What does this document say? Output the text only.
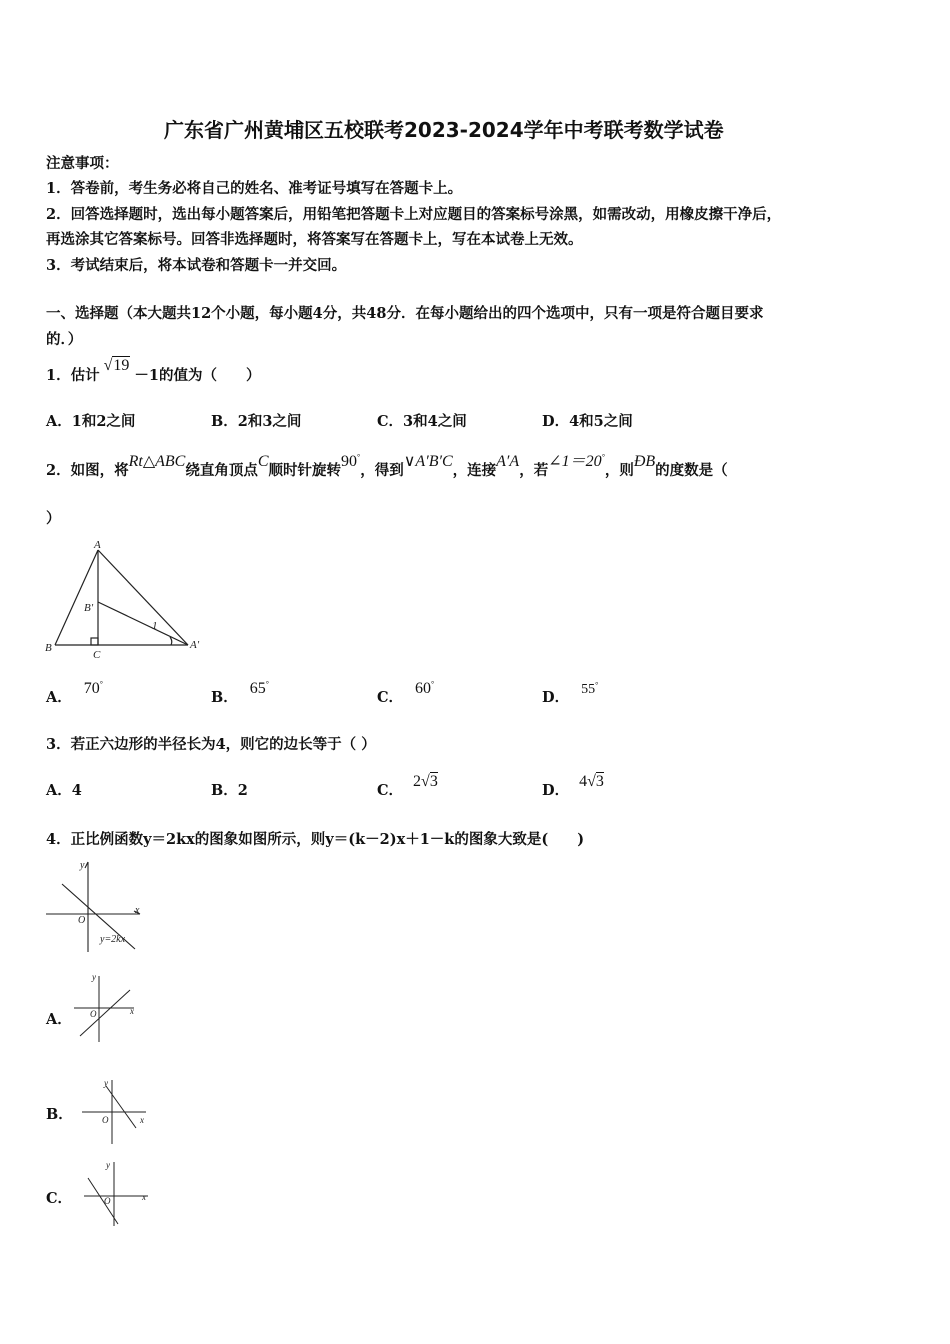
广东省广州黄埔区五校联考2023-2024学年中考联考数学试卷
注意事项：
1．答卷前，考生务必将自己的姓名、准考证号填写在答题卡上。
2．回答选择题时，选出每小题答案后，用铅笔把答题卡上对应题目的答案标号涂黑，如需改动，用橡皮擦干净后，
再选涂其它答案标号。回答非选择题时，将答案写在答题卡上，写在本试卷上无效。
3．考试结束后，将本试卷和答题卡一并交回。
一、选择题（本大题共12个小题，每小题4分，共48分．在每小题给出的四个选项中，只有一项是符合题目要求
的．）
1．估计√19－1的值为（　　）
A．1和2之间	B．2和3之间	C．3和4之间	D．4和5之间
2．如图，将Rt△ABC绕直角顶点C顺时针旋转90°，得到∨A′B′C，连接A′A，若∠1＝20°，则ÐB的度数是（
）
A
B
C
B′
A′
1
A．70°
B．65°
C．60°
D． 55°
3．若正六边形的半径长为4，则它的边长等于（ ）
A．4	B．2	C．2√3
D．4√3
4．正比例函数y＝2kx的图象如图所示，则y＝(k－2)x＋1－k的图象大致是(　　)
y
x
O
y=2kx
A．
y
x
O
B．
y
x
O
C．
y
x
O
